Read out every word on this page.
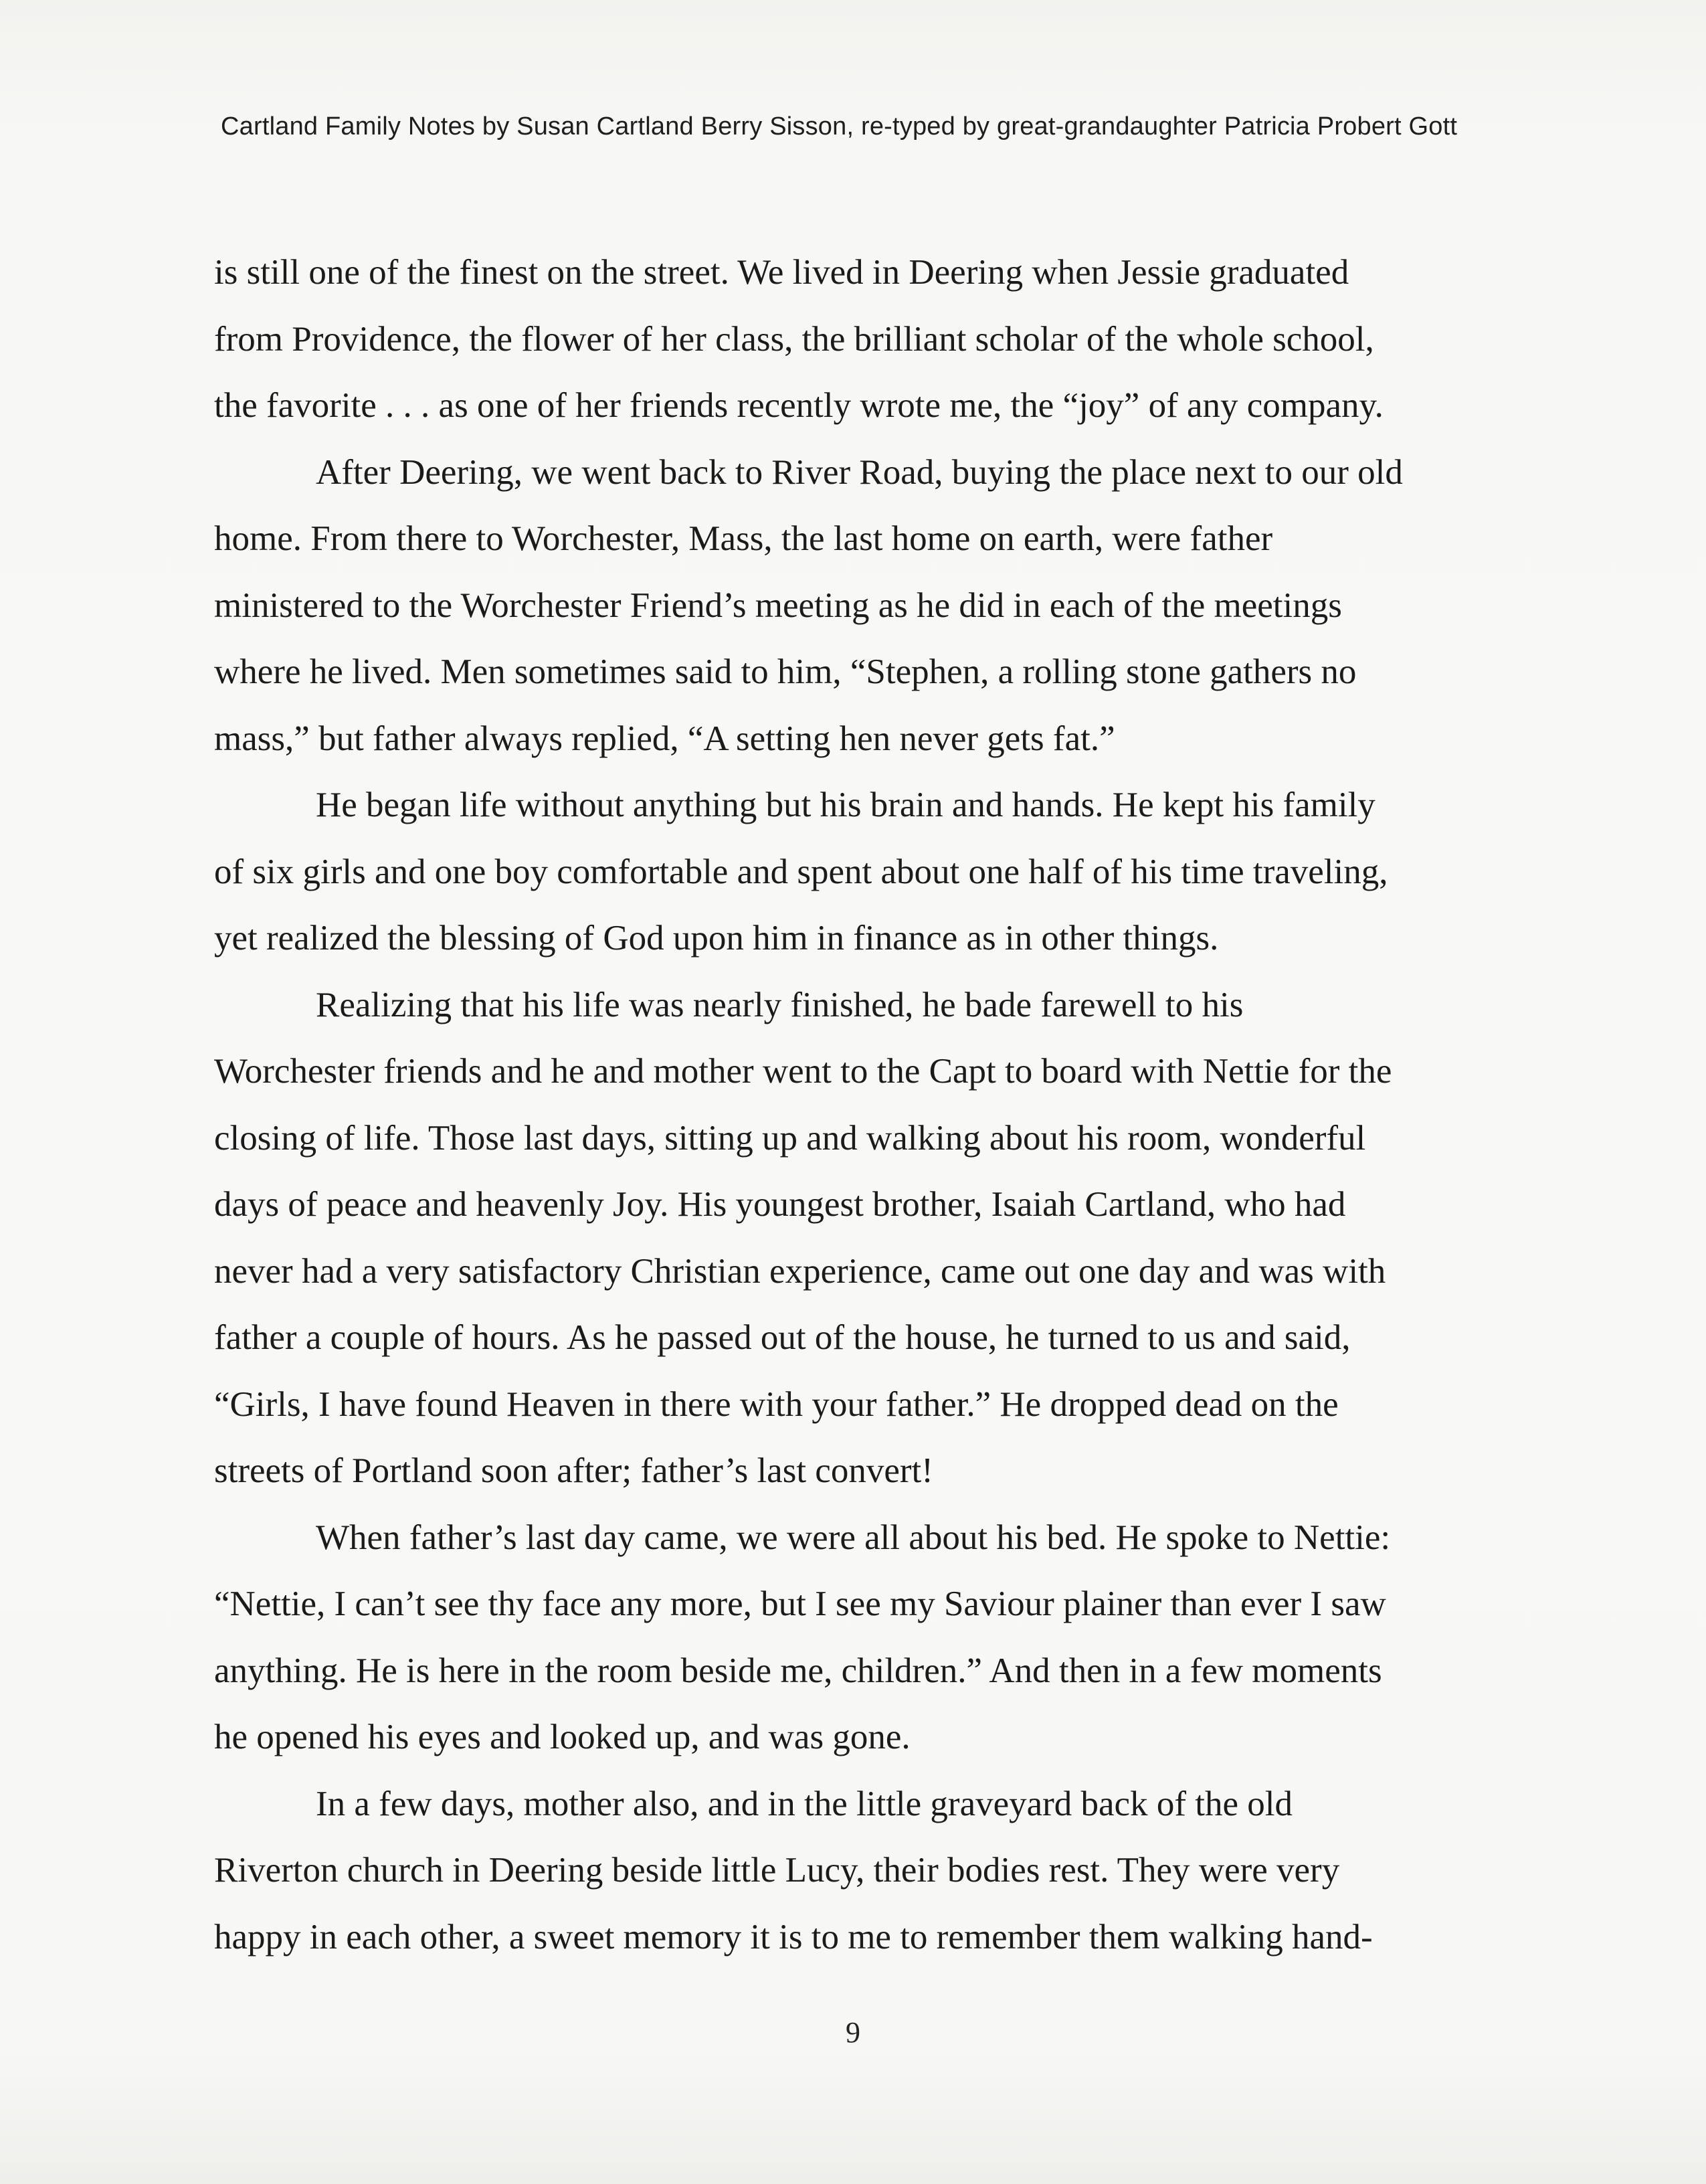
Cartland Family Notes by Susan Cartland Berry Sisson, re-typed by great-grandaughter Patricia Probert Gott
is still one of the finest on the street. We lived in Deering when Jessie graduated
from Providence, the flower of her class, the brilliant scholar of the whole school,
the favorite . . . as one of her friends recently wrote me, the “joy” of any company.
After Deering, we went back to River Road, buying the place next to our old
home. From there to Worchester, Mass, the last home on earth, were father
ministered to the Worchester Friend’s meeting as he did in each of the meetings
where he lived. Men sometimes said to him, “Stephen, a rolling stone gathers no
mass,” but father always replied, “A setting hen never gets fat.”
He began life without anything but his brain and hands. He kept his family
of six girls and one boy comfortable and spent about one half of his time traveling,
yet realized the blessing of God upon him in finance as in other things.
Realizing that his life was nearly finished, he bade farewell to his
Worchester friends and he and mother went to the Capt to board with Nettie for the
closing of life. Those last days, sitting up and walking about his room, wonderful
days of peace and heavenly Joy. His youngest brother, Isaiah Cartland, who had
never had a very satisfactory Christian experience, came out one day and was with
father a couple of hours. As he passed out of the house, he turned to us and said,
“Girls, I have found Heaven in there with your father.” He dropped dead on the
streets of Portland soon after; father’s last convert!
When father’s last day came, we were all about his bed. He spoke to Nettie:
“Nettie, I can’t see thy face any more, but I see my Saviour plainer than ever I saw
anything. He is here in the room beside me, children.” And then in a few moments
he opened his eyes and looked up, and was gone.
In a few days, mother also, and in the little graveyard back of the old
Riverton church in Deering beside little Lucy, their bodies rest. They were very
happy in each other, a sweet memory it is to me to remember them walking hand-
9
